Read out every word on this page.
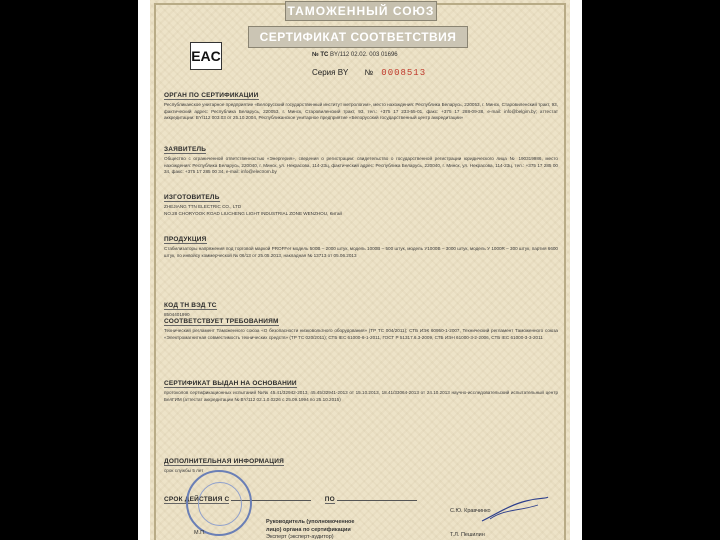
ТАМОЖЕННЫЙ СОЮЗ
СЕРТИФИКАТ СООТВЕТСТВИЯ
EAC	№ ТС BY/112 02.02. 003 01696
Серия BY № 0008513
ОРГАН ПО СЕРТИФИКАЦИИ
Республиканское унитарное предприятие «Белорусский государственный институт метрологии», место нахождения: Республика Беларусь, 220053, г. Минск, Старовиленский тракт, 93, фактический адрес: Республика Беларусь, 220053, г. Минск, Старовиленский тракт, 93, тел.: +375 17 233-55-01, факс: +375 17 288-09-38, e-mail: info@belgim.by; аттестат аккредитации: BY/112 003.03 от 25.10.2004, Республиканское унитарное предприятие «Белорусский государственный центр аккредитации»
ЗАЯВИТЕЛЬ
Общество с ограниченной ответственностью «Энергерия», сведения о регистрации: свидетельство о государственной регистрации юридического лица № 190319986, место нахождения: Республика Беларусь, 220040, г. Минск, ул. Некрасова, 114-23ц, фактический адрес: Республика Беларусь, 220040, г. Минск, ул. Некрасова, 114-23ц, тел.: +375 17 285 00 34, факс: +375 17 285 00 34, e-mail: info@electrom.by
ИЗГОТОВИТЕЛЬ
ZHEJIANG TTN ELECTRIC CO., LTD
NO.28 CHORYOOK ROAD LIUCHENG LIGHT INDUSTRIAL ZONE WENZHOU, Китай
ПРОДУКЦИЯ
Стабилизаторы напряжения под торговой маркой PROFFer модель 500В – 2000 штук, модель 1000В – 500 штук, модель У1000В – 3000 штук, модель У 1000R – 300 штук, партия 6600 штук, по инвойсу коммерческой № 06/13 от 25.05.2013, накладная № 13713 от 05.06.2013
КОД ТН ВЭД ТС
8504401990
СООТВЕТСТВУЕТ ТРЕБОВАНИЯМ
Технический регламент Таможенного союза «О безопасности низковольтного оборудования» (ТР ТС 004/2011); СТБ ИЭК 60950-1-2007, Технический регламент Таможенного союза «Электромагнитная совместимость технических средств» (ТР ТС 020/2011); СТБ IEC 61000-6-1-2011, ГОСТ Р 51317.6.3-2009, СТБ ИЭН 61000-3-2-2006, СТБ IEC 61000-3-3-2011
СЕРТИФИКАТ ВЫДАН НА ОСНОВАНИИ
протоколов сертификационных испытаний №№ 45.41/32942-2013, 45.45/32941-2013 от 15.10.2013, 18.41/33064-2013 от 24.10.2013 научно-исследовательский испытательный центр БелГИМ (аттестат аккредитации № BY/112 02.1.0.0226 с 25.09.1994 по 25.10.2015)
ДОПОЛНИТЕЛЬНАЯ ИНФОРМАЦИЯ
срок службы 5 лет
СРОК ДЕЙСТВИЯ С	ПО
М.П.
Руководитель (уполномоченное
лицо) органа по сертификации
С.Ю. Кравчинко
Эксперт (эксперт-аудитор)	Т.Л. Пешилин
